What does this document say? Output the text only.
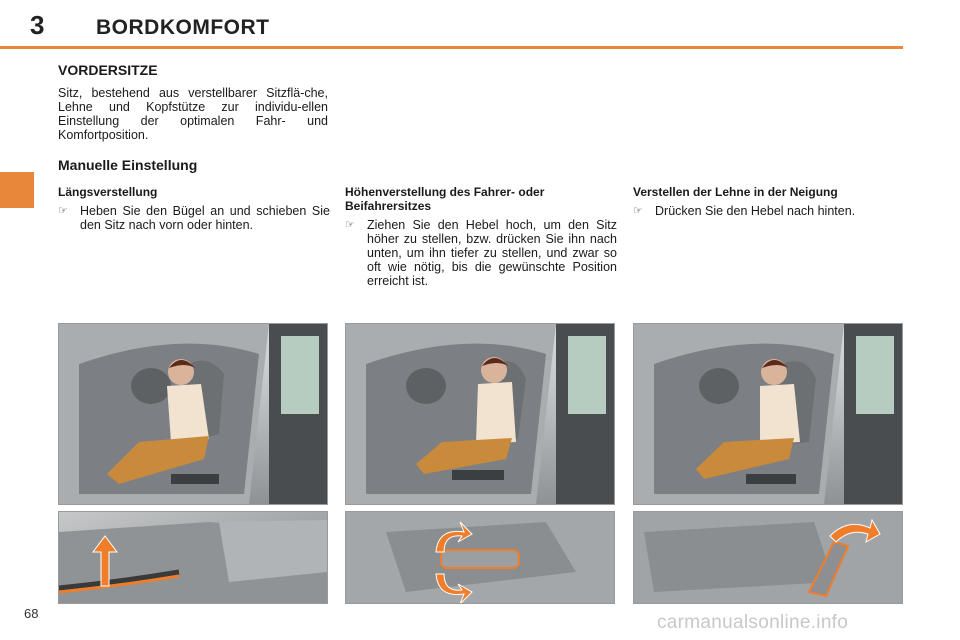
3 BORDKOMFORT
VORDERSITZE
Sitz, bestehend aus verstellbarer Sitzflä-che, Lehne und Kopfstütze zur individu-ellen Einstellung der optimalen Fahr- und Komfortposition.
Manuelle Einstellung
Längsverstellung
☞ Heben Sie den Bügel an und schieben Sie den Sitz nach vorn oder hinten.
Höhenverstellung des Fahrer- oder Beifahrersitzes
☞ Ziehen Sie den Hebel hoch, um den Sitz höher zu stellen, bzw. drücken Sie ihn nach unten, um ihn tiefer zu stellen, und zwar so oft wie nötig, bis die gewünschte Position erreicht ist.
Verstellen der Lehne in der Neigung
☞ Drücken Sie den Hebel nach hinten.
68	carmanualsonline.info
